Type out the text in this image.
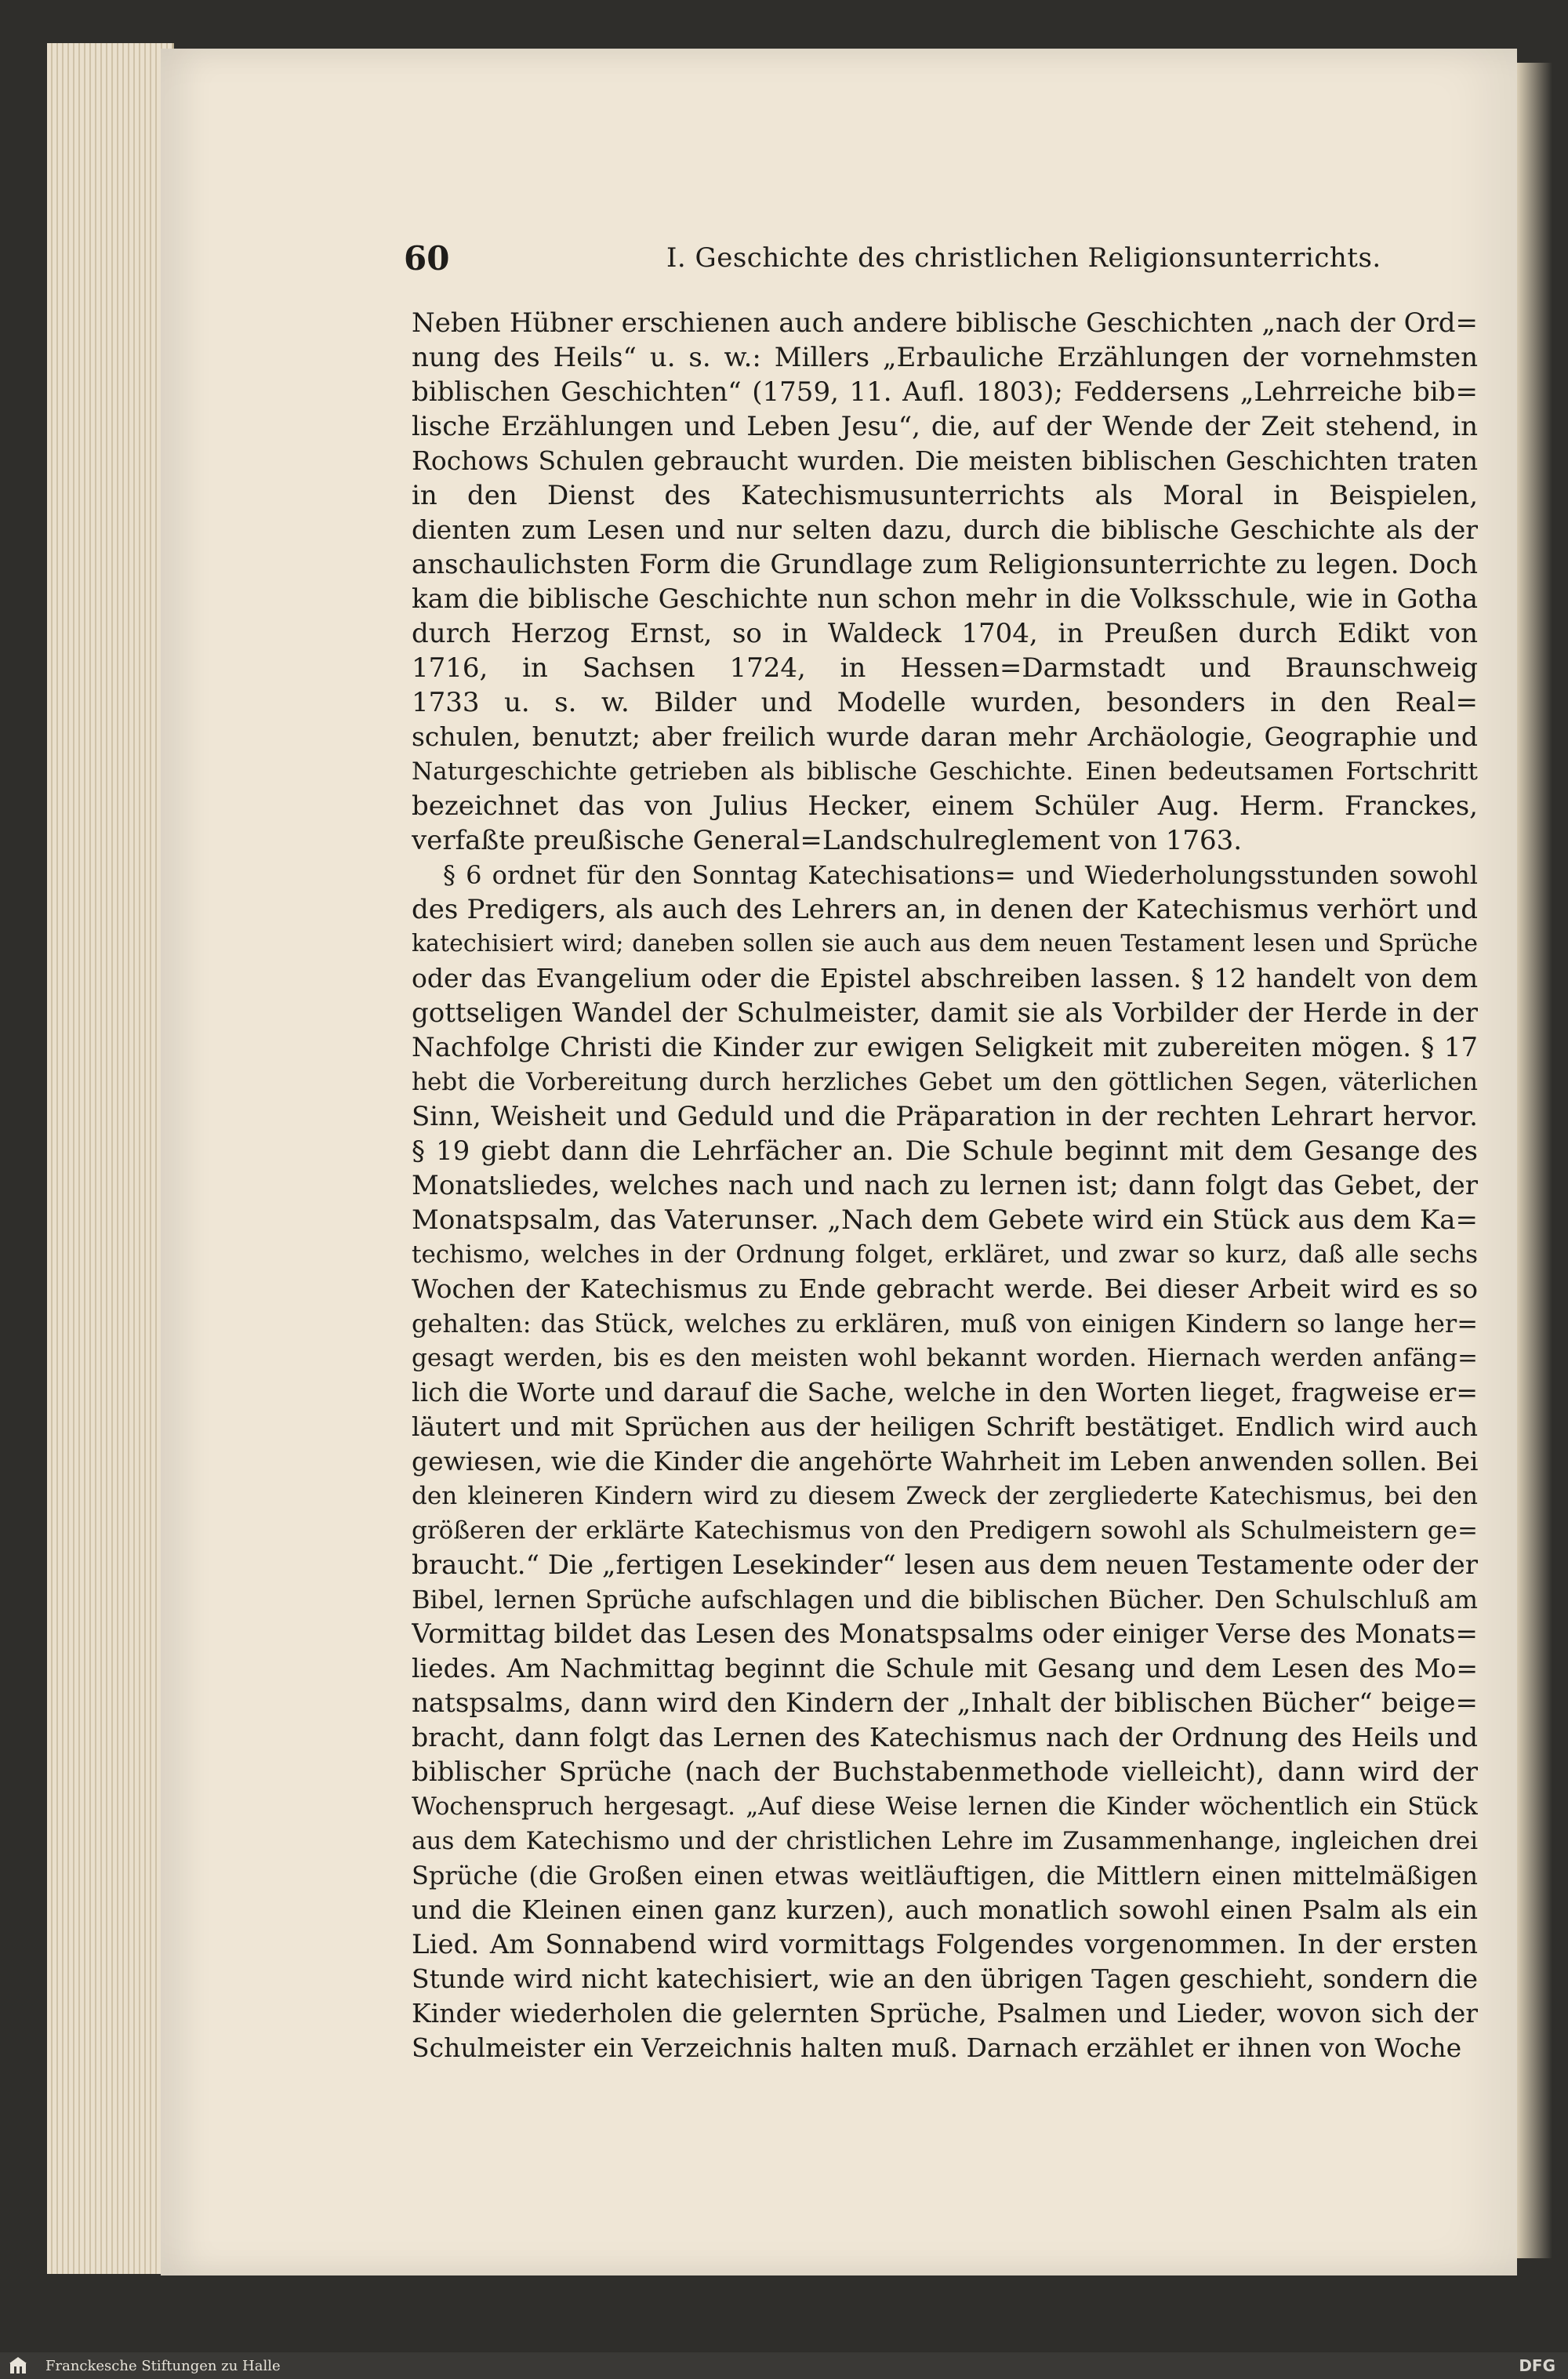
60	I. Geschichte des christlichen Religionsunterrichts.
Neben Hübner erschienen auch andere biblische Geschichten „nach der Ord=
nung des Heils“ u. s. w.: Millers „Erbauliche Erzählungen der vornehmsten
biblischen Geschichten“ (1759, 11. Aufl. 1803); Feddersens „Lehrreiche bib=
lische Erzählungen und Leben Jesu“, die, auf der Wende der Zeit stehend, in
Rochows Schulen gebraucht wurden. Die meisten biblischen Geschichten traten
in den Dienst des Katechismusunterrichts als Moral in Beispielen,
dienten zum Lesen und nur selten dazu, durch die biblische Geschichte als der
anschaulichsten Form die Grundlage zum Religionsunterrichte zu legen. Doch
kam die biblische Geschichte nun schon mehr in die Volksschule, wie in Gotha
durch Herzog Ernst, so in Waldeck 1704, in Preußen durch Edikt von
1716, in Sachsen 1724, in Hessen=Darmstadt und Braunschweig
1733 u. s. w. Bilder und Modelle wurden, besonders in den Real=
schulen, benutzt; aber freilich wurde daran mehr Archäologie, Geographie und
Naturgeschichte getrieben als biblische Geschichte. Einen bedeutsamen Fortschritt
bezeichnet das von Julius Hecker, einem Schüler Aug. Herm. Franckes,
verfaßte preußische General=Landschulreglement von 1763.
§ 6 ordnet für den Sonntag Katechisations= und Wiederholungsstunden sowohl
des Predigers, als auch des Lehrers an, in denen der Katechismus verhört und
katechisiert wird; daneben sollen sie auch aus dem neuen Testament lesen und Sprüche
oder das Evangelium oder die Epistel abschreiben lassen. § 12 handelt von dem
gottseligen Wandel der Schulmeister, damit sie als Vorbilder der Herde in der
Nachfolge Christi die Kinder zur ewigen Seligkeit mit zubereiten mögen. § 17
hebt die Vorbereitung durch herzliches Gebet um den göttlichen Segen, väterlichen
Sinn, Weisheit und Geduld und die Präparation in der rechten Lehrart hervor.
§ 19 giebt dann die Lehrfächer an. Die Schule beginnt mit dem Gesange des
Monatsliedes, welches nach und nach zu lernen ist; dann folgt das Gebet, der
Monatspsalm, das Vaterunser. „Nach dem Gebete wird ein Stück aus dem Ka=
techismo, welches in der Ordnung folget, erkläret, und zwar so kurz, daß alle sechs
Wochen der Katechismus zu Ende gebracht werde. Bei dieser Arbeit wird es so
gehalten: das Stück, welches zu erklären, muß von einigen Kindern so lange her=
gesagt werden, bis es den meisten wohl bekannt worden. Hiernach werden anfäng=
lich die Worte und darauf die Sache, welche in den Worten lieget, fragweise er=
läutert und mit Sprüchen aus der heiligen Schrift bestätiget. Endlich wird auch
gewiesen, wie die Kinder die angehörte Wahrheit im Leben anwenden sollen. Bei
den kleineren Kindern wird zu diesem Zweck der zergliederte Katechismus, bei den
größeren der erklärte Katechismus von den Predigern sowohl als Schulmeistern ge=
braucht.“ Die „fertigen Lesekinder“ lesen aus dem neuen Testamente oder der
Bibel, lernen Sprüche aufschlagen und die biblischen Bücher. Den Schulschluß am
Vormittag bildet das Lesen des Monatspsalms oder einiger Verse des Monats=
liedes. Am Nachmittag beginnt die Schule mit Gesang und dem Lesen des Mo=
natspsalms, dann wird den Kindern der „Inhalt der biblischen Bücher“ beige=
bracht, dann folgt das Lernen des Katechismus nach der Ordnung des Heils und
biblischer Sprüche (nach der Buchstabenmethode vielleicht), dann wird der
Wochenspruch hergesagt. „Auf diese Weise lernen die Kinder wöchentlich ein Stück
aus dem Katechismo und der christlichen Lehre im Zusammenhange, ingleichen drei
Sprüche (die Großen einen etwas weitläuftigen, die Mittlern einen mittelmäßigen
und die Kleinen einen ganz kurzen), auch monatlich sowohl einen Psalm als ein
Lied. Am Sonnabend wird vormittags Folgendes vorgenommen. In der ersten
Stunde wird nicht katechisiert, wie an den übrigen Tagen geschieht, sondern die
Kinder wiederholen die gelernten Sprüche, Psalmen und Lieder, wovon sich der
Schulmeister ein Verzeichnis halten muß. Darnach erzählet er ihnen von Woche
Franckesche Stiftungen zu Halle	DFG
